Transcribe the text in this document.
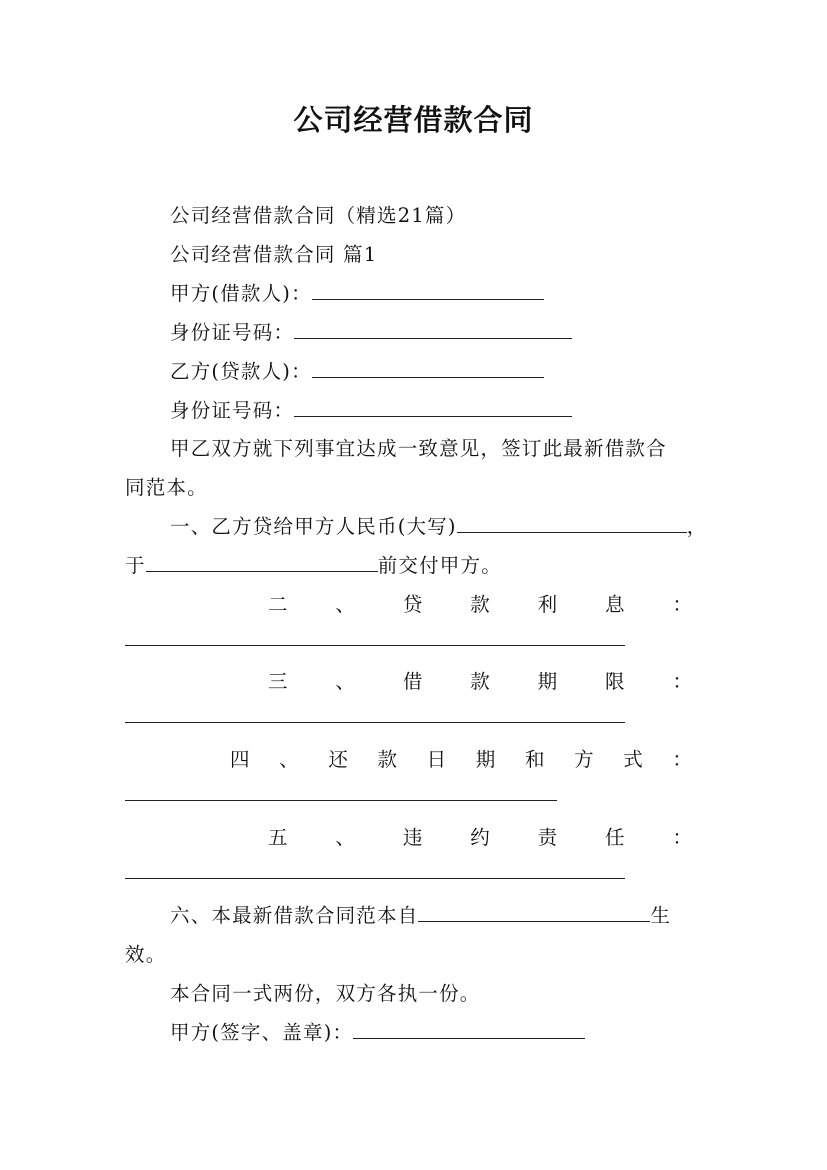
公司经营借款合同
公司经营借款合同（精选21篇）
公司经营借款合同 篇1
甲方(借款人)：
身份证号码：
乙方(贷款人)：
身份证号码：
甲乙双方就下列事宜达成一致意见，签订此最新借款合
同范本。
一、乙方贷给甲方人民币(大写)	，
于	前交付甲方。
二 、 贷 款 利 息 ：
三 、 借 款 期 限 ：
四 、 还 款 日 期 和 方 式 ：
五 、 违 约 责 任 ：
六、本最新借款合同范本自	生
效。
本合同一式两份，双方各执一份。
甲方(签字、盖章)：
